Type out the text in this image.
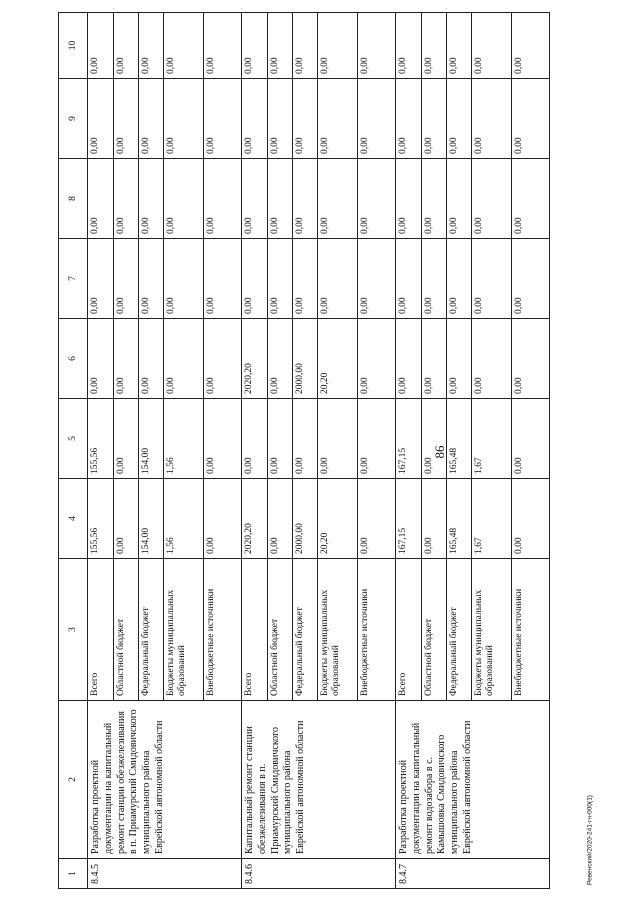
86
1	2	3	4	5	6	7	8	9	10
8.4.5	Разработка проектной документации на капитальный ремонт станции обезжелезивания в п. Приамурский Смидовичского муниципального района Еврейской автономной области	Всего	155,56	155,56	0,00	0,00	0,00	0,00	0,00
		Областной бюджет	0,00	0,00	0,00	0,00	0,00	0,00	0,00
		Федеральный бюджет	154,00	154,00	0,00	0,00	0,00	0,00	0,00
		Бюджеты муниципальных образований	1,56	1,56	0,00	0,00	0,00	0,00	0,00
		Внебюджетные источники	0,00	0,00	0,00	0,00	0,00	0,00	0,00
8.4.6	Капитальный ремонт станции обезжелезивания в п. Приамурский Смидовичского муниципального района Еврейской автономной области	Всего	2020,20	0,00	2020,20	0,00	0,00	0,00	0,00
		Областной бюджет	0,00	0,00	0,00	0,00	0,00	0,00	0,00
		Федеральный бюджет	2000,00	0,00	2000,00	0,00	0,00	0,00	0,00
		Бюджеты муниципальных образований	20,20	0,00	20,20	0,00	0,00	0,00	0,00
		Внебюджетные источники	0,00	0,00	0,00	0,00	0,00	0,00	0,00
8.4.7	Разработка проектной документации на капитальный ремонт водозабора в с. Камышовка Смидовичского муниципального района Еврейской автономной области	Всего	167,15	167,15	0,00	0,00	0,00	0,00	0,00
		Областной бюджет	0,00	0,00	0,00	0,00	0,00	0,00	0,00
		Федеральный бюджет	165,48	165,48	0,00	0,00	0,00	0,00	0,00
		Бюджеты муниципальных образований	1,67	1,67	0,00	0,00	0,00	0,00	0,00
		Внебюджетные источники	0,00	0,00	0,00	0,00	0,00	0,00	0,00
Ревенский/2020-241-гн-000(1)
